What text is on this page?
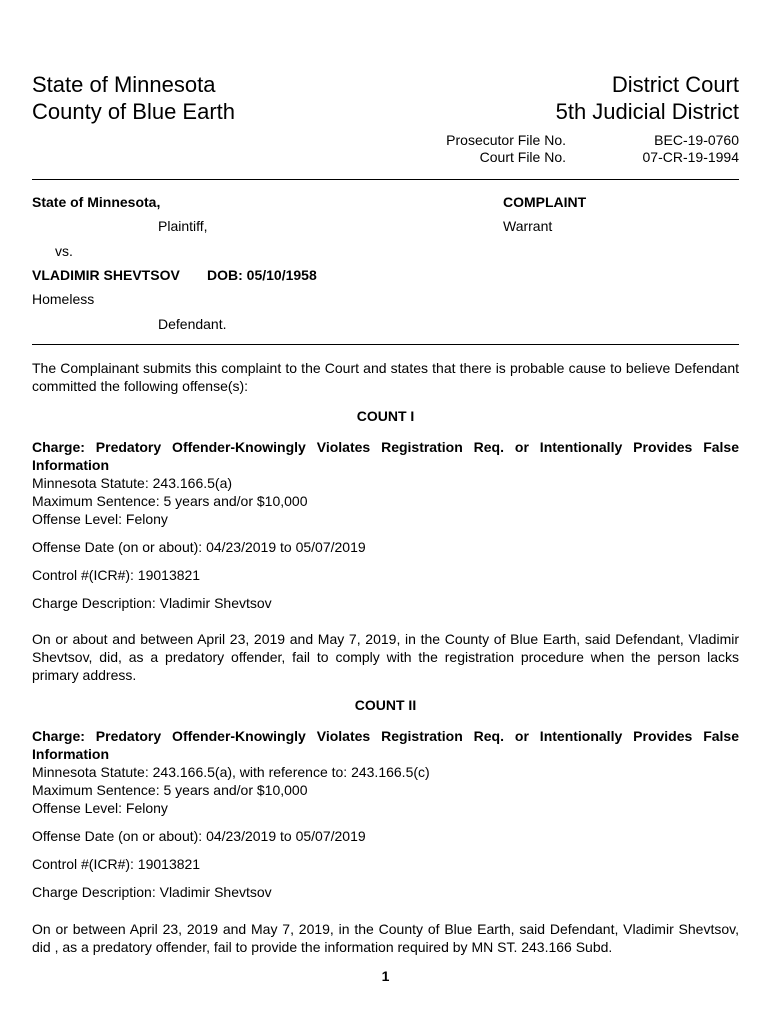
State of Minnesota
County of Blue Earth
District Court
5th Judicial District
Prosecutor File No.	BEC-19-0760
Court File No.	07-CR-19-1994
State of Minnesota,	COMPLAINT
Plaintiff,	Warrant
vs.
VLADIMIR SHEVTSOV DOB: 05/10/1958
Homeless
Defendant.
The Complainant submits this complaint to the Court and states that there is probable cause to believe Defendant committed the following offense(s):
COUNT I
Charge: Predatory Offender-Knowingly Violates Registration Req. or Intentionally Provides False Information
Minnesota Statute: 243.166.5(a)
Maximum Sentence: 5 years and/or $10,000
Offense Level: Felony
Offense Date (on or about): 04/23/2019 to 05/07/2019
Control #(ICR#): 19013821
Charge Description: Vladimir Shevtsov
On or about and between April 23, 2019 and May 7, 2019, in the County of Blue Earth, said Defendant, Vladimir Shevtsov, did, as a predatory offender, fail to comply with the registration procedure when the person lacks primary address.
COUNT II
Charge: Predatory Offender-Knowingly Violates Registration Req. or Intentionally Provides False Information
Minnesota Statute: 243.166.5(a), with reference to: 243.166.5(c)
Maximum Sentence: 5 years and/or $10,000
Offense Level: Felony
Offense Date (on or about): 04/23/2019 to 05/07/2019
Control #(ICR#): 19013821
Charge Description: Vladimir Shevtsov
On or between April 23, 2019 and May 7, 2019, in the County of Blue Earth, said Defendant, Vladimir Shevtsov, did , as a predatory offender, fail to provide the information required by MN ST. 243.166 Subd.
1
